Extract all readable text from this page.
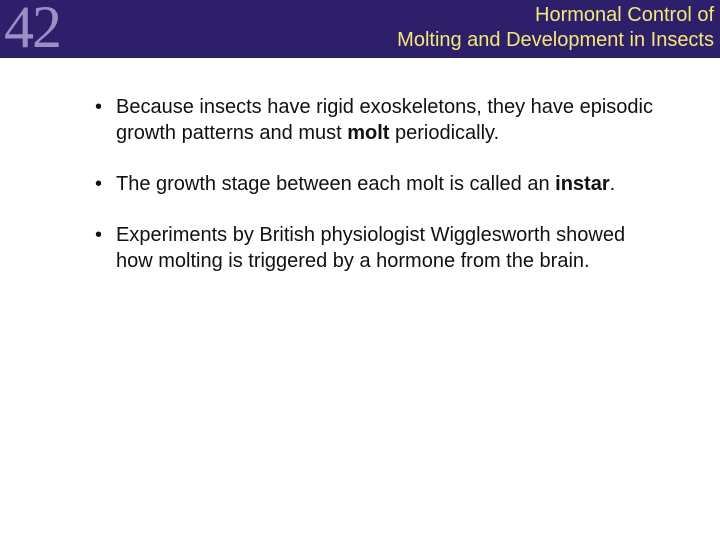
42	Hormonal Control of
Molting and Development in Insects
• Because insects have rigid exoskeletons, they have episodic growth patterns and must molt periodically.
• The growth stage between each molt is called an instar.
• Experiments by British physiologist Wigglesworth showed how molting is triggered by a hormone from the brain.
